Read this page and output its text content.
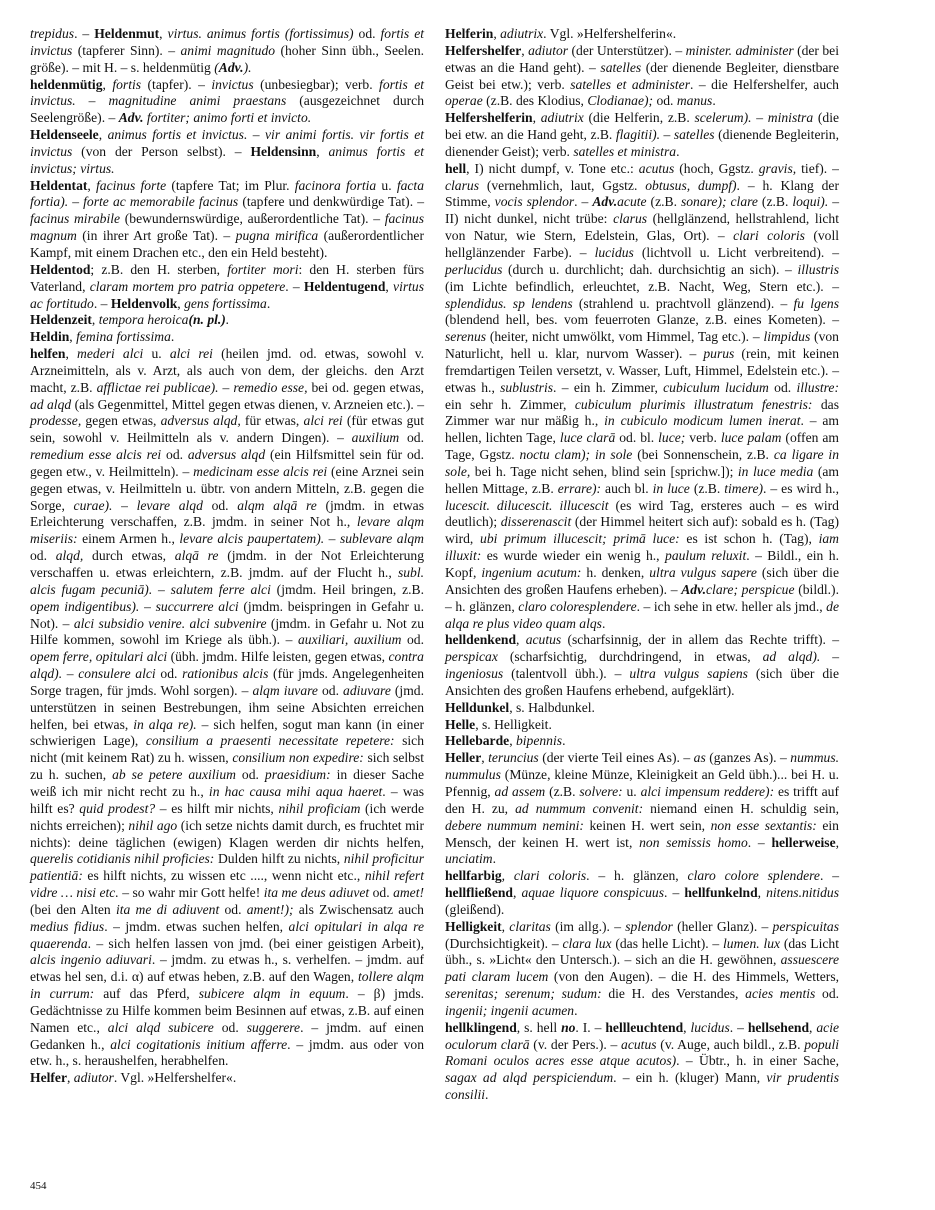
trepidus. – Heldenmut, virtus. animus fortis (fortissimus) od. fortis et invictus (tapferer Sinn). – animi magnitudo (hoher Sinn übh., Seelen. größe). – mit H. – s. heldenmütig (Adv.).

heldenmütig, fortis (tapfer). – invictus (unbesiegbar); verb. fortis et invictus. – magnitudine animi praestans (ausgezeichnet durch Seelengröße). – Adv. fortiter; animo forti et invicto.

Heldenseele, animus fortis et invictus. – vir animi fortis. vir fortis et invictus (von der Person selbst). – Heldensinn, animus fortis et invictus; virtus.

Heldentat, facinus forte (tapfere Tat; im Plur. facinora fortia u. facta fortia). – forte ac memorabile facinus (tapfere und denkwürdige Tat). – facinus mirabile (bewundernswürdige, außerordentliche Tat). – facinus magnum (in ihrer Art große Tat). – pugna mirifica (außerordentlicher Kampf, mit einem Drachen etc., den ein Held besteht).

Heldentod; z.B. den H. sterben, fortiter mori: den H. sterben fürs Vaterland, claram mortem pro patria oppetere. – Heldentugend, virtus ac fortitudo. – Heldenvolk, gens fortissima.

Heldenzeit, tempora heroica(n. pl.).

Heldin, femina fortissima.

helfen, mederi alci u. alci rei (heilen jmd. od. etwas, sowohl v. Arzneimitteln, als v. Arzt, als auch von dem, der gleichs. den Arzt macht, z.B. afflictae rei publicae). – remedio esse, bei od. gegen etwas, ad alqd (als Gegenmittel, Mittel gegen etwas dienen, v. Arzneien etc.). – prodesse, gegen etwas, adversus alqd, für etwas, alci rei (für etwas gut sein, sowohl v. Heilmitteln als v. andern Dingen). – auxilium od. remedium esse alcis rei od. adversus alqd (ein Hilfsmittel sein für od. gegen etw., v. Heilmitteln). – medicinam esse alcis rei (eine Arznei sein gegen etwas, v. Heilmitteln u. übtr. von andern Mitteln, z.B. gegen die Sorge, curae). – levare alqd od. alqm alqā re (jmdm. in etwas Erleichterung verschaffen, z.B. jmdm. in seiner Not h., levare alqm miseriis: einem Armen h., levare alcis paupertatem). – sublevare alqm od. alqd, durch etwas, alqā re (jmdm. in der Not Erleichterung verschaffen u. etwas erleichtern, z.B. jmdm. auf der Flucht h., subl. alcis fugam pecuniā). – salutem ferre alci (jmdm. Heil bringen, z.B. opem indigentibus). – succurrere alci (jmdm. beispringen in Gefahr u. Not). – alci subsidio venire. alci subvenire (jmdm. in Gefahr u. Not zu Hilfe kommen, sowohl im Kriege als übh.). – auxiliari, auxilium od. opem ferre, opitulari alci (übh. jmdm. Hilfe leisten, gegen etwas, contra alqd). – consulere alci od. rationibus alcis (für jmds. Angelegenheiten Sorge tragen, für jmds. Wohl sorgen). – alqm iuvare od. adiuvare (jmd. unterstützen in seinen Bestrebungen, ihm seine Absichten erreichen helfen, bei etwas, in alqa re). – sich helfen, sogut man kann (in einer schwierigen Lage), consilium a praesenti necessitate repetere: sich nicht (mit keinem Rat) zu h. wissen, consilium non expedire: sich selbst zu h. suchen, ab se petere auxilium od. praesidium: in dieser Sache weiß ich mir nicht recht zu h., in hac causa mihi aqua haeret. – was hilft es? quid prodest? – es hilft mir nichts, nihil proficiam (ich werde nichts erreichen); nihil ago (ich setze nichts damit durch, es fruchtet mir nichts): deine täglichen (ewigen) Klagen werden dir nichts helfen, querelis cotidianis nihil proficies: Dulden hilft zu nichts, nihil proficitur patientiā: es hilft nichts, zu wissen etc ...., wenn nicht etc., nihil refert vidre … nisi etc. – so wahr mir Gott helfe! ita me deus adiuvet od. amet! (bei den Alten ita me di adiuvent od. ament!); als Zwischensatz auch medius fidius. – jmdm. etwas suchen helfen, alci opitulari in alqa re quaerenda. – sich helfen lassen von jmd. (bei einer geistigen Arbeit), alcis ingenio adiuvari. – jmdm. zu etwas h., s. verhelfen. – jmdm. auf etwas hel sen, d.i. α) auf etwas heben, z.B. auf den Wagen, tollere alqm in currum: auf das Pferd, subicere alqm in equum. – β) jmds. Gedächtnisse zu Hilfe kommen beim Besinnen auf etwas, z.B. auf einen Namen etc., alci alqd subicere od. suggerere. – jmdm. auf einen Gedanken h., alci cogitationis initium afferre. – jmdm. aus oder von etw. h., s. heraushelfen, herabhelfen.

Helfer, adiutor. Vgl. »Helfershelfer«.

Helferin, adiutrix. Vgl. »Helfershelferin«.

Helfershelfer, adiutor (der Unterstützer). – minister. administer (der bei etwas an die Hand geht). – satelles (der dienende Begleiter, dienstbare Geist bei etw.); verb. satelles et administer. – die Helfershelfer, auch operae (z.B. des Klodius, Clodianae); od. manus.

Helfershelferin, adiutrix (die Helferin, z.B. scelerum). – ministra (die bei etw. an die Hand geht, z.B. flagitii). – satelles (dienende Begleiterin, dienender Geist); verb. satelles et ministra.

hell, I) nicht dumpf, v. Tone etc.: acutus (hoch, Ggstz. gravis, tief). – clarus (vernehmlich, laut, Ggstz. obtusus, dumpf). – h. Klang der Stimme, vocis splendor. – Adv.acute (z.B. sonare); clare (z.B. loqui). – II) nicht dunkel, nicht trübe: clarus (hellglänzend, hellstrahlend, licht von Natur, wie Stern, Edelstein, Glas, Ort). – clari coloris (voll hellglänzender Farbe). – lucidus (lichtvoll u. Licht verbreitend). – perlucidus (durch u. durchlicht; dah. durchsichtig an sich). – illustris (im Lichte befindlich, erleuchtet, z.B. Nacht, Weg, Stern etc.). – splendidus. sp lendens (strahlend u. prachtvoll glänzend). – fu lgens (blendend hell, bes. vom feuerroten Glanze, z.B. eines Kometen). – serenus (heiter, nicht umwölkt, vom Himmel, Tag etc.). – limpidus (von Naturlicht, hell u. klar, nurvom Wasser). – purus (rein, mit keinen fremdartigen Teilen versetzt, v. Wasser, Luft, Himmel, Edelstein etc.). – etwas h., sublustris. – ein h. Zimmer, cubiculum lucidum od. illustre: ein sehr h. Zimmer, cubiculum plurimis illustratum fenestris: das Zimmer war nur mäßig h., in cubiculo modicum lumen inerat. – am hellen, lichten Tage, luce clarā od. bl. luce; verb. luce palam (offen am Tage, Ggstz. noctu clam); in sole (bei Sonnenschein, z.B. ca ligare in sole, bei h. Tage nicht sehen, blind sein [sprichw.]); in luce media (am hellen Mittage, z.B. errare): auch bl. in luce (z.B. timere). – es wird h., lucescit. dilucescit. illucescit (es wird Tag, ersteres auch – es wird deutlich); disserenascit (der Himmel heitert sich auf): sobald es h. (Tag) wird, ubi primum illucescit; primā luce: es ist schon h. (Tag), iam illuxit: es wurde wieder ein wenig h., paulum reluxit. – Bildl., ein h. Kopf, ingenium acutum: h. denken, ultra vulgus sapere (sich über die Ansichten des großen Haufens erheben). – Adv.clare; perspicue (bildl.). – h. glänzen, claro coloresplendere. – ich sehe in etw. heller als jmd., de alqa re plus video quam alqs.

helldenkend, acutus (scharfsinnig, der in allem das Rechte trifft). – perspicax (scharfsichtig, durchdringend, in etwas, ad alqd). – ingeniosus (talentvoll übh.). – ultra vulgus sapiens (sich über die Ansichten des großen Haufens erhebend, aufgeklärt).

Helldunkel, s. Halbdunkel.

Helle, s. Helligkeit.

Hellebarde, bipennis.

Heller, teruncius (der vierte Teil eines As). – as (ganzes As). – nummus. nummulus (Münze, kleine Münze, Kleinigkeit an Geld übh.)... bei H. u. Pfennig, ad assem (z.B. solvere: u. alci impensum reddere): es trifft auf den H. zu, ad nummum convenit: niemand einen H. schuldig sein, debere nummum nemini: keinen H. wert sein, non esse sextantis: ein Mensch, der keinen H. wert ist, non semissis homo. – hellerweise, unciatim.

hellfarbig, clari coloris. – h. glänzen, claro colore splendere. – hellfließend, aquae liquore conspicuus. – hellfunkelnd, nitens.nitidus (gleißend).

Helligkeit, claritas (im allg.). – splendor (heller Glanz). – perspicuitas (Durchsichtigkeit). – clara lux (das helle Licht). – lumen. lux (das Licht übh., s. »Licht« den Untersch.). – sich an die H. gewöhnen, assuescere pati claram lucem (von den Augen). – die H. des Himmels, Wetters, serenitas; serenum; sudum: die H. des Verstandes, acies mentis od. ingenii; ingenii acumen.

hellklingend, s. hell no. I. – hellleuchtend, lucidus. – hellsehend, acie oculorum clarā (v. der Pers.). – acutus (v. Auge, auch bildl., z.B. populi Romani oculos acres esse atque acutos). – Übtr., h. in einer Sache, sagax ad alqd perspiciendum. – ein h. (kluger) Mann, vir prudentis consilii.

454
